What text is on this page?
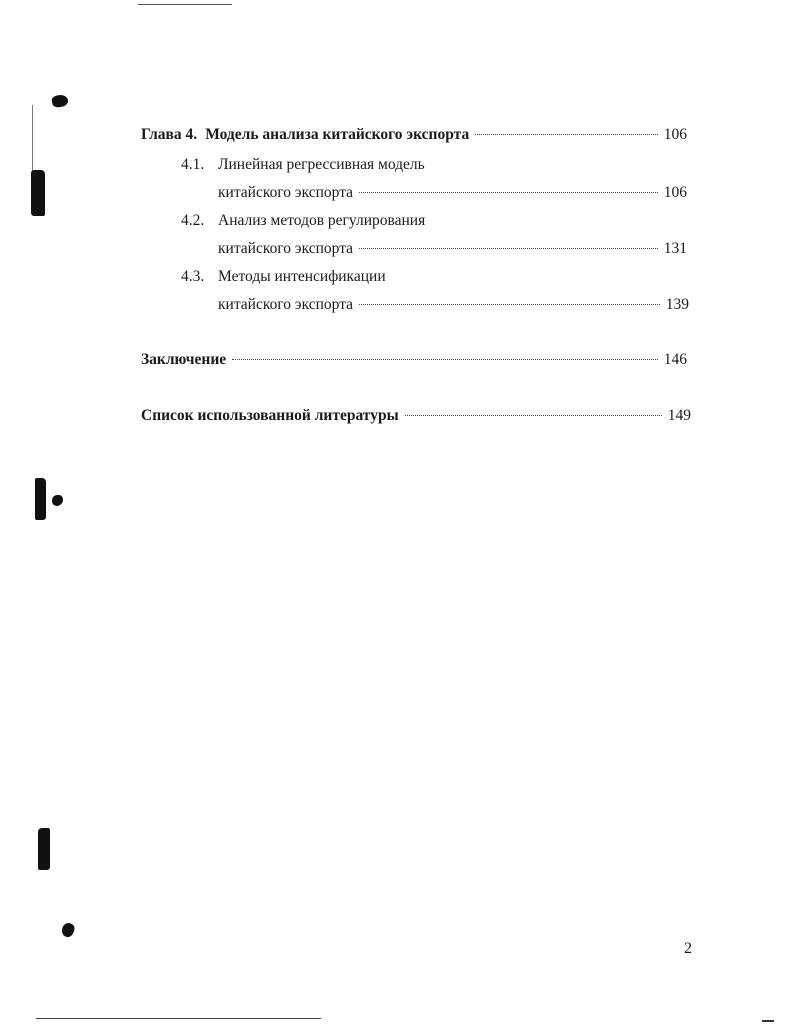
Глава 4. Модель анализа китайского экспорта	106
4.1. Линейная регрессивная модель
китайского экспорта	106
4.2. Анализ методов регулирования
китайского экспорта	131
4.3. Методы интенсификации
китайского экспорта	139
Заключение	146
Список использованной литературы	149
2
